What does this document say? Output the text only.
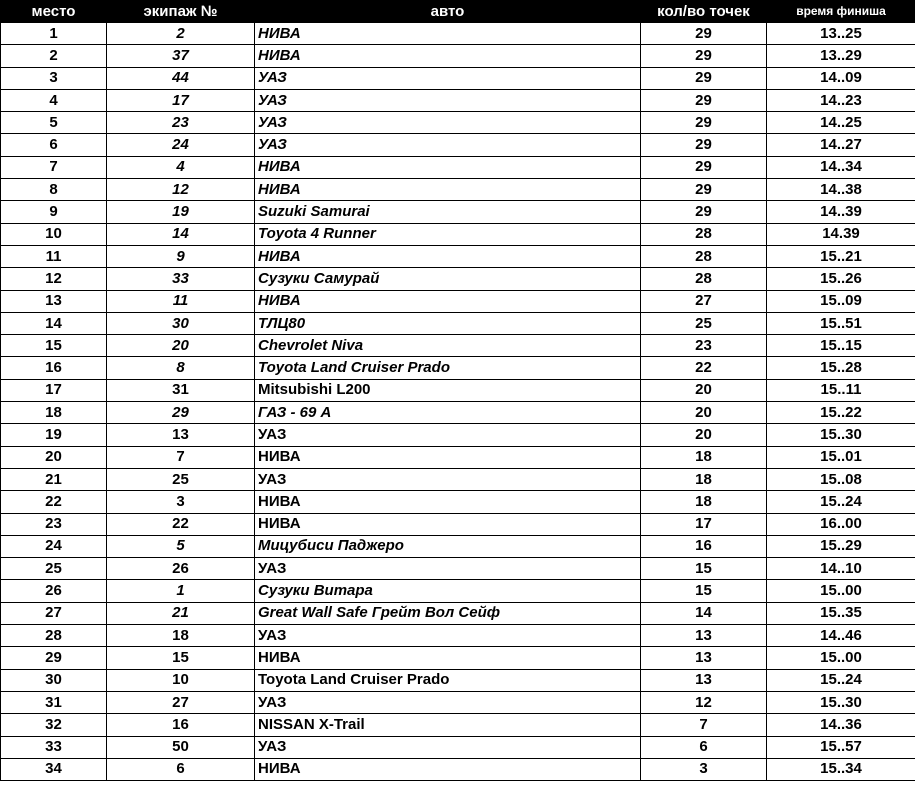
место	экипаж №	авто	кол/во точек	время финиша
1	2	НИВА	29	13..25
2	37	НИВА	29	13..29
3	44	УАЗ	29	14..09
4	17	УАЗ	29	14..23
5	23	УАЗ	29	14..25
6	24	УАЗ	29	14..27
7	4	НИВА	29	14..34
8	12	НИВА	29	14..38
9	19	Suzuki Samurai	29	14..39
10	14	Toyota 4 Runner	28	14.39
11	9	НИВА	28	15..21
12	33	Сузуки Самурай	28	15..26
13	11	НИВА	27	15..09
14	30	ТЛЦ80	25	15..51
15	20	Chevrolet Niva	23	15..15
16	8	Toyota Land Cruiser Prado	22	15..28
17	31	Mitsubishi L200	20	15..11
18	29	ГАЗ - 69 А	20	15..22
19	13	УАЗ	20	15..30
20	7	НИВА	18	15..01
21	25	УАЗ	18	15..08
22	3	НИВА	18	15..24
23	22	НИВА	17	16..00
24	5	Мицубиси Паджеро	16	15..29
25	26	УАЗ	15	14..10
26	1	Сузуки Витара	15	15..00
27	21	Great Wall Safe Грейт Вол Сейф	14	15..35
28	18	УАЗ	13	14..46
29	15	НИВА	13	15..00
30	10	Toyota Land Cruiser Prado	13	15..24
31	27	УАЗ	12	15..30
32	16	NISSAN X-Trail	7	14..36
33	50	УАЗ	6	15..57
34	6	НИВА	3	15..34
